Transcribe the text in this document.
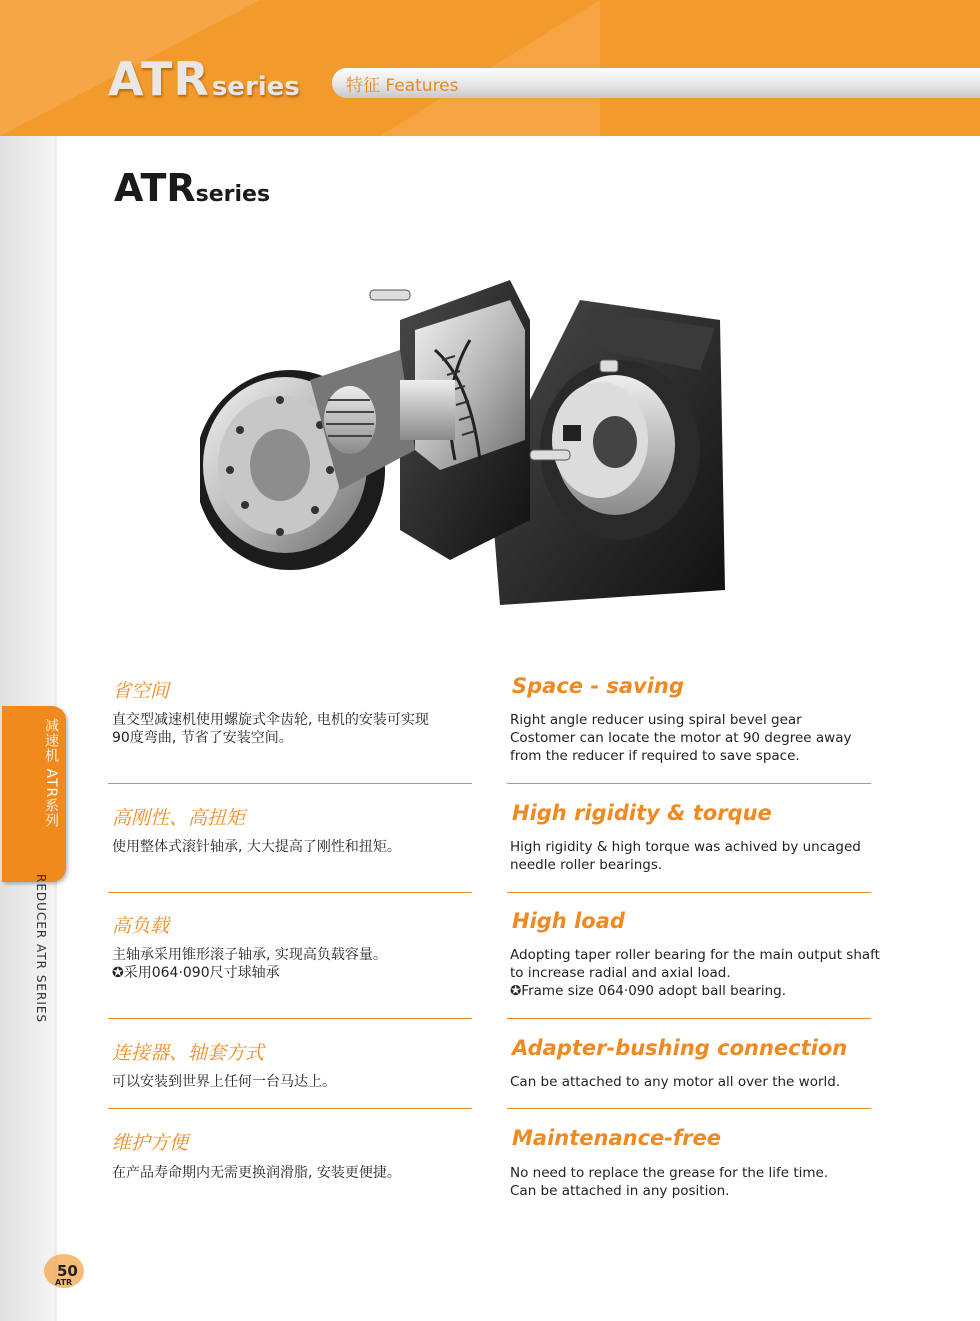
ATRseries	特征 Features
减速机 ATR系列
REDUCER ATR SERIES
ATRseries
省空间
直交型减速机使用螺旋式伞齿轮, 电机的安装可实现
90度弯曲, 节省了安装空间。
Space - saving
Right angle reducer using spiral bevel gear
Costomer can locate the motor at 90 degree away
from the reducer if required to save space.
高刚性、高扭矩
使用整体式滚针轴承, 大大提高了刚性和扭矩。
High rigidity & torque
High rigidity & high torque was achived by uncaged
needle roller bearings.
高负载
主轴承采用锥形滚子轴承, 实现高负载容量。
✪采用064·090尺寸球轴承
High load
Adopting taper roller bearing for the main output shaft
to increase radial and axial load.
✪Frame size 064·090 adopt ball bearing.
连接器、轴套方式
可以安装到世界上任何一台马达上。
Adapter-bushing connection
Can be attached to any motor all over the world.
维护方便
在产品寿命期内无需更换润滑脂, 安装更便捷。
Maintenance-free
No need to replace the grease for the life time.
Can be attached in any position.
50
ATR
